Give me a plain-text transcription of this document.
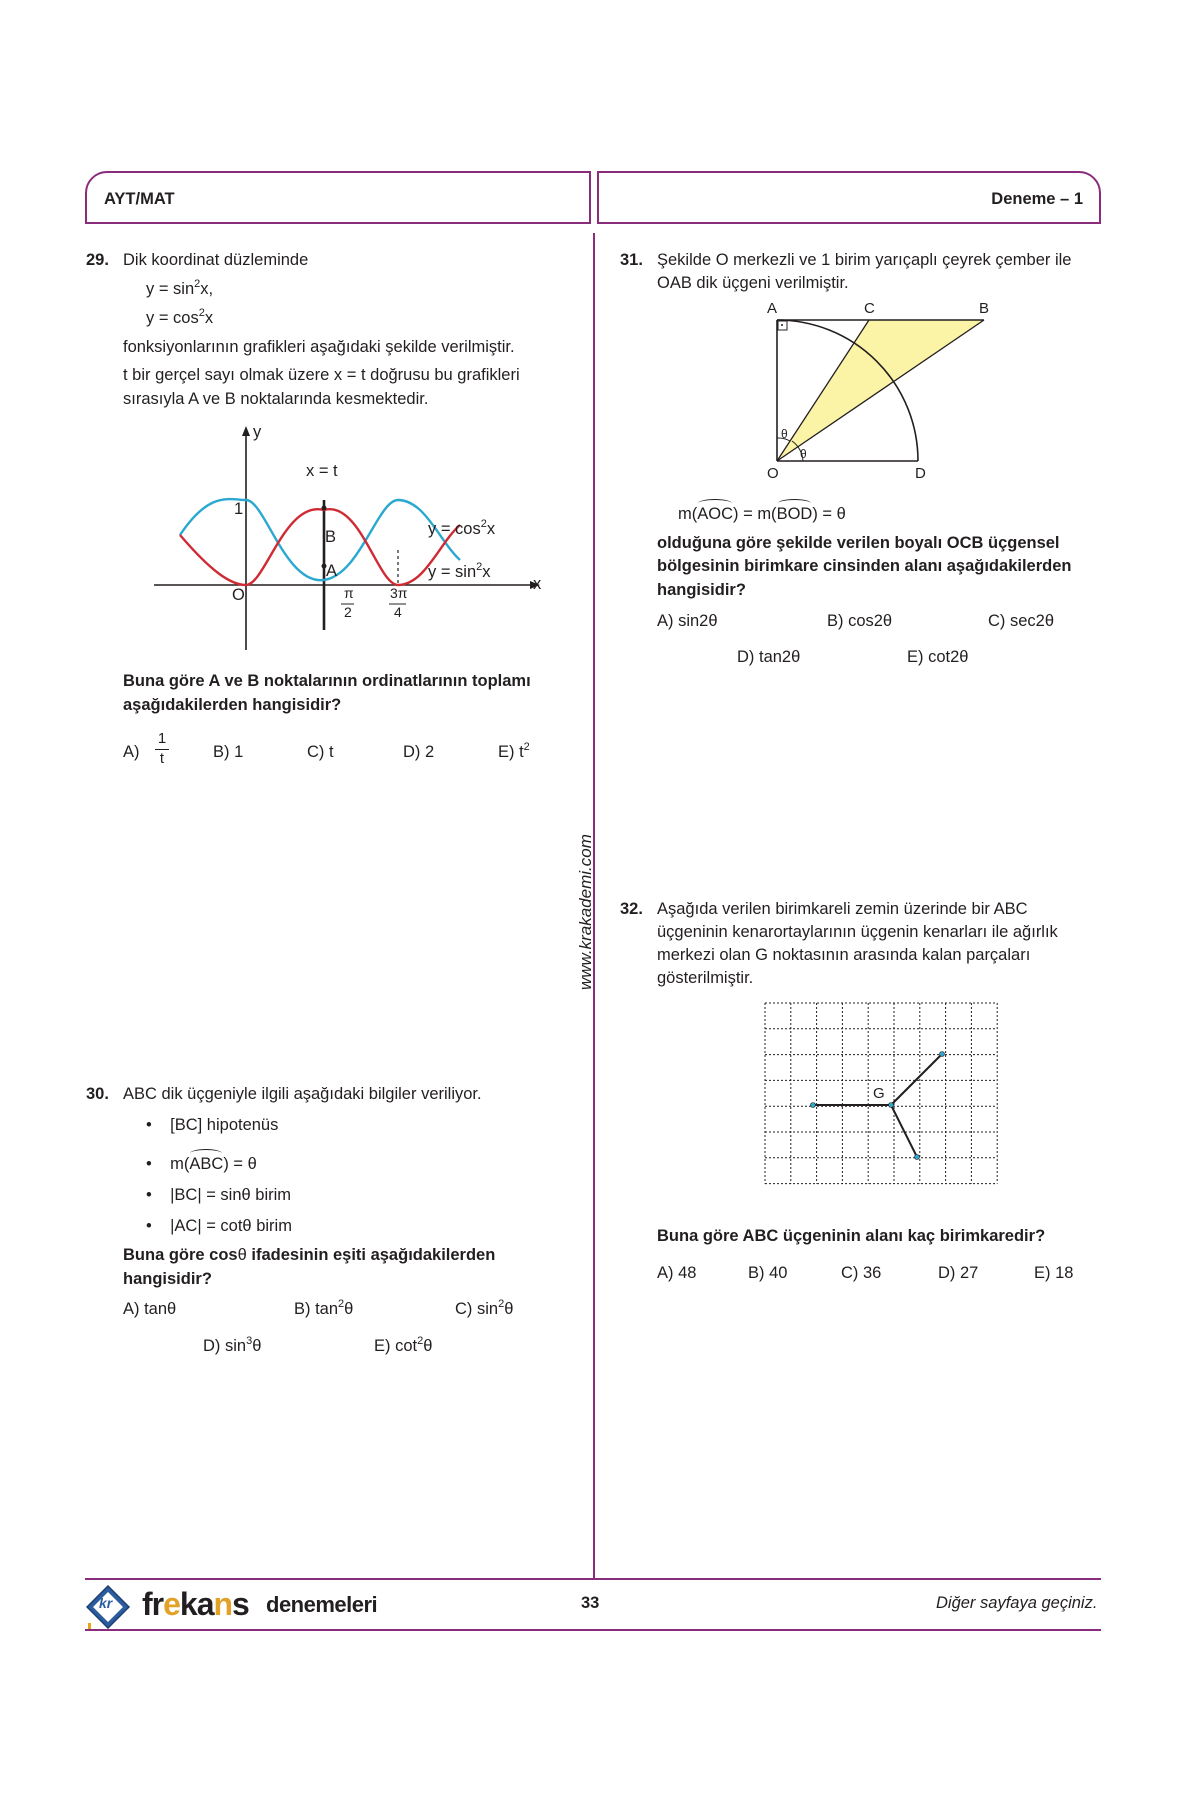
AYT/MAT	Deneme – 1
www.krakademi.com
29. Dik koordinat düzleminde
$y = \sin^2x$,
$y = \cos^2x$
fonksiyonlarının grafikleri aşağıdaki şekilde verilmiştir.
t bir gerçel sayı olmak üzere x = t doğrusu bu grafikleri
sırasıyla A ve B noktalarında kesmektedir.
y
x
x = t
1
O
B
A
π
2
3π
4
$y = \cos^2x$
$y = \sin^2x$
Buna göre A ve B noktalarının ordinatlarının toplamı
aşağıdakilerden hangisidir?
A)
1
t	B) 1	C) t	D) 2	E) $t^2$
30. ABC dik üçgeniyle ilgili aşağıdaki bilgiler veriliyor.
•    [BC] hipotenüs
•    m(ABC) = θ
•    |BC| = sinθ birim
•    |AC| = cotθ birim
Buna göre cosθ ifadesinin eşiti aşağıdakilerden
hangisidir?
A) tanθ	B) $\tan^2\theta$	C) $\sin^2\theta$
D) $\sin^3\theta$	E) $\cot^2\theta$
31. Şekilde O merkezli ve 1 birim yarıçaplı çeyrek çember ile
OAB dik üçgeni verilmiştir.
A	C	B
O	D
θ
θ
m(AOC) = m(BOD) = θ
olduğuna göre şekilde verilen boyalı OCB üçgensel
bölgesinin birimkare cinsinden alanı aşağıdakilerden
hangisidir?
A) sin2θ	B) cos2θ	C) sec2θ
D) tan2θ	E) cot2θ
32. Aşağıda verilen birimkareli zemin üzerinde bir ABC
üçgeninin kenarortaylarının üçgenin kenarları ile ağırlık
merkezi olan G noktasının arasında kalan parçaları
gösterilmiştir.
G
Buna göre ABC üçgeninin alanı kaç birimkaredir?
A) 48	B) 40	C) 36	D) 27	E) 18
kr frekans denemeleri	33	Diğer sayfaya geçiniz.
